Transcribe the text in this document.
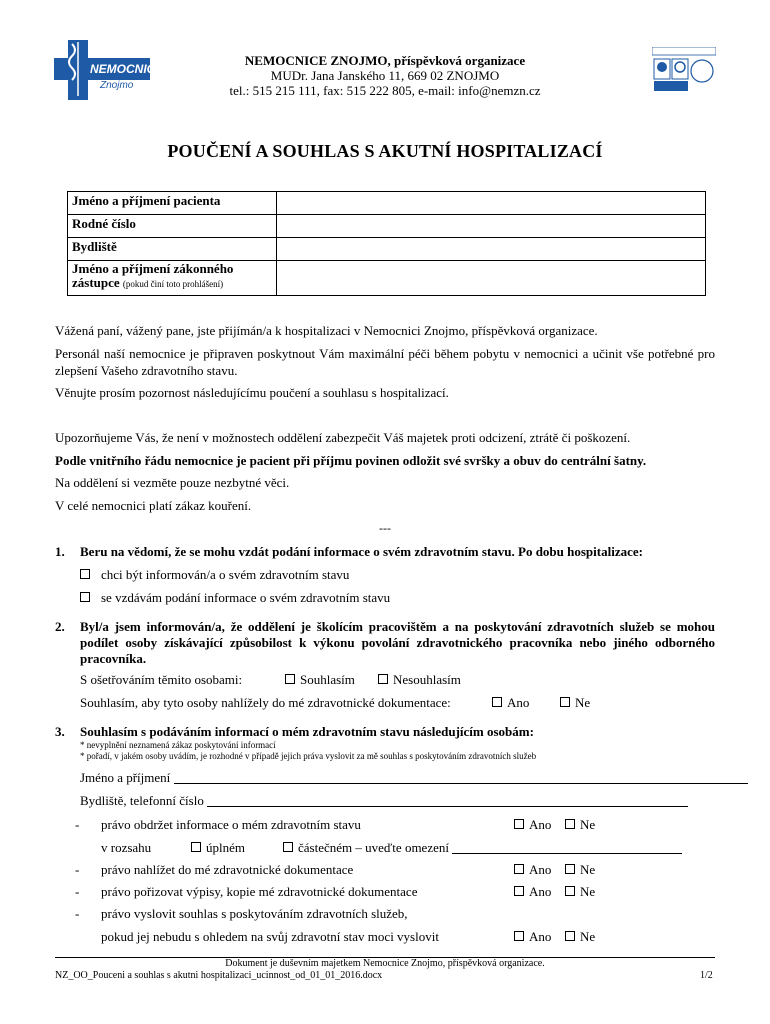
NEMOCNICE
Znojmo
NEMOCNICE ZNOJMO, příspěvková organizace
MUDr. Jana Janského 11, 669 02 ZNOJMO
tel.: 515 215 111, fax: 515 222 805, e-mail: info@nemzn.cz
POUČENÍ A SOUHLAS S AKUTNÍ HOSPITALIZACÍ
Jméno a příjmení pacienta	
Rodné číslo	
Bydliště	
Jméno a příjmení zákonného
zástupce (pokud činí toto prohlášení)	
Vážená paní, vážený pane, jste přijímán/a k hospitalizaci v Nemocnici Znojmo, příspěvková organizace.
Personál naší nemocnice je připraven poskytnout Vám maximální péči během pobytu v nemocnici a učinit vše potřebné pro zlepšení Vašeho zdravotního stavu.
Věnujte prosím pozornost následujícímu poučení a souhlasu s hospitalizací.
Upozorňujeme Vás, že není v možnostech oddělení zabezpečit Váš majetek proti odcizení, ztrátě či poškození.
Podle vnitřního řádu nemocnice je pacient při příjmu povinen odložit své svršky a obuv do centrální šatny.
Na oddělení si vezměte pouze nezbytné věci.
V celé nemocnici platí zákaz kouření.
---
1. Beru na vědomí, že se mohu vzdát podání informace o svém zdravotním stavu. Po dobu hospitalizace:
chci být informován/a o svém zdravotním stavu
se vzdávám podání informace o svém zdravotním stavu
2. Byl/a jsem informován/a, že oddělení je školícím pracovištěm a na poskytování zdravotních služeb se mohou podílet osoby získávající způsobilost k výkonu povolání zdravotnického pracovníka nebo jiného odborného pracovníka.
S ošetřováním těmito osobami:	Souhlasím	Nesouhlasím
Souhlasím, aby tyto osoby nahlížely do mé zdravotnické dokumentace:	Ano	Ne
3. Souhlasím s podáváním informací o mém zdravotním stavu následujícím osobám:
* nevyplnění neznamená zákaz poskytování informací
* pořadí, v jakém osoby uvádím, je rozhodné v případě jejich práva vyslovit za mě souhlas s poskytováním zdravotních služeb
Jméno a příjmení
Bydliště, telefonní číslo
- právo obdržet informace o mém zdravotním stavu	Ano	Ne
v rozsahu	úplném	částečném – uveďte omezení
- právo nahlížet do mé zdravotnické dokumentace	Ano	Ne
- právo pořizovat výpisy, kopie mé zdravotnické dokumentace	Ano	Ne
- právo vyslovit souhlas s poskytováním zdravotních služeb,
pokud jej nebudu s ohledem na svůj zdravotní stav moci vyslovit	Ano	Ne
Dokument je duševním majetkem Nemocnice Znojmo, příspěvková organizace.
NZ_OO_Pouceni a souhlas s akutni hospitalizaci_ucinnost_od_01_01_2016.docx	1/2
